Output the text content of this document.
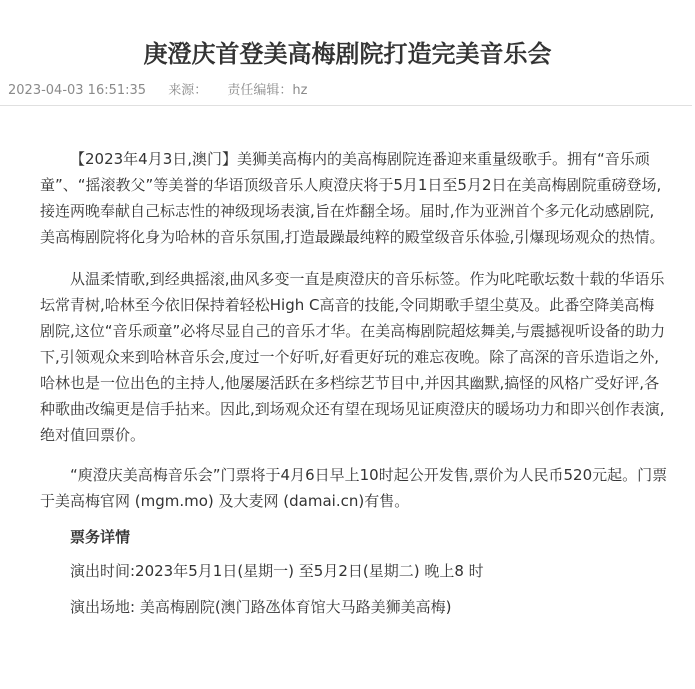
庚澄庆首登美高梅剧院打造完美音乐会
2023-04-03 16:51:35 来源： 责任编辑：hz

【2023年4月3日,澳门】美狮美高梅内的美高梅剧院连番迎来重量级歌手。拥有“音乐顽童”、“摇滚教父”等美誉的华语顶级音乐人庾澄庆将于5月1日至5月2日在美高梅剧院重磅登场,接连两晚奉献自己标志性的神级现场表演,旨在炸翻全场。届时,作为亚洲首个多元化动感剧院,美高梅剧院将化身为哈林的音乐氛围,打造最躁最纯粹的殿堂级音乐体验,引爆现场观众的热情。

从温柔情歌,到经典摇滚,曲风多变一直是庾澄庆的音乐标签。作为叱咤歌坛数十载的华语乐坛常青树,哈林至今依旧保持着轻松High C高音的技能,令同期歌手望尘莫及。此番空降美高梅剧院,这位“音乐顽童”必将尽显自己的音乐才华。在美高梅剧院超炫舞美,与震撼视听设备的助力下,引领观众来到哈林音乐会,度过一个好听,好看更好玩的难忘夜晚。除了高深的音乐造诣之外,哈林也是一位出色的主持人,他屡屡活跃在多档综艺节目中,并因其幽默,搞怪的风格广受好评,各种歌曲改编更是信手拈来。因此,到场观众还有望在现场见证庾澄庆的暖场功力和即兴创作表演,绝对值回票价。

“庾澄庆美高梅音乐会”门票将于4月6日早上10时起公开发售,票价为人民币520元起。门票于美高梅官网 (mgm.mo) 及大麦网 (damai.cn)有售。

票务详情
演出时间:2023年5月1日(星期一) 至5月2日(星期二) 晚上8 时
演出场地: 美高梅剧院(澳门路氹体育馆大马路美狮美高梅)
